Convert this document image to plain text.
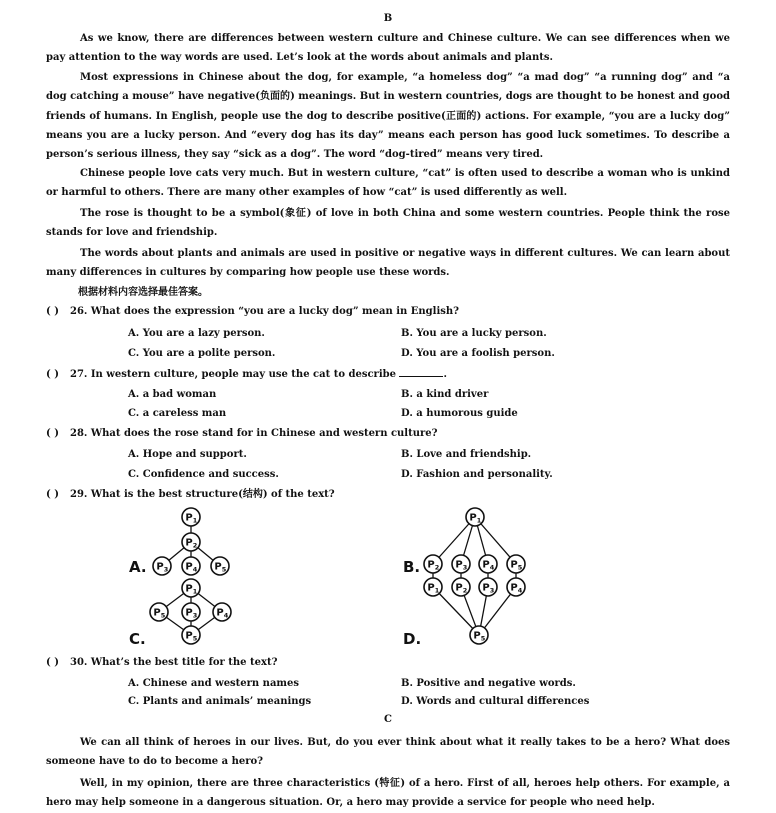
B

As we know, there are differences between western culture and Chinese culture. We can see differences when we pay attention to the way words are used. Let’s look at the words about animals and plants.

Most expressions in Chinese about the dog, for example, “a homeless dog” “a mad dog” “a running dog” and “a dog catching a mouse” have negative(负面的) meanings. But in western countries, dogs are thought to be honest and good friends of humans. In English, people use the dog to describe positive(正面的) actions. For example, “you are a lucky dog” means you are a lucky person. And “every dog has its day” means each person has good luck sometimes. To describe a person’s serious illness, they say “sick as a dog”. The word “dog-tired” means very tired.

Chinese people love cats very much. But in western culture, “cat” is often used to describe a woman who is unkind or harmful to others. There are many other examples of how “cat” is used differently as well.

The rose is thought to be a symbol(象征) of love in both China and some western countries. People think the rose stands for love and friendship.

The words about plants and animals are used in positive or negative ways in different cultures. We can learn about many differences in cultures by comparing how people use these words.

根据材料内容选择最佳答案。
( ) 26. What does the expression “you are a lucky dog” mean in English?
A. You are a lazy person.	B. You are a lucky person.
C. You are a polite person.	D. You are a foolish person.
( ) 27. In western culture, people may use the cat to describe	.
A. a bad woman	B. a kind driver
C. a careless man	D. a humorous guide
( ) 28. What does the rose stand for in Chinese and western culture?
A. Hope and support.	B. Love and friendship.
C. Confidence and success.	D. Fashion and personality.
( ) 29. What is the best structure(结构) of the text?
P 1
P 2
P 3 P 4 P 5
P 1
P 2 P 3 P 4 P 5
P 1 P 2 P 3 P 4
P 5
P 1
P 5 P 3 P 4
P 5
A.	B.
C.	D.
( ) 30. What’s the best title for the text?
A. Chinese and western names	B. Positive and negative words.
C. Plants and animals’ meanings	D. Words and cultural differences
C

We can all think of heroes in our lives. But, do you ever think about what it really takes to be a hero? What does someone have to do to become a hero?

Well, in my opinion, there are three characteristics (特征) of a hero. First of all, heroes help others. For example, a hero may help someone in a dangerous situation. Or, a hero may provide a service for people who need help.
